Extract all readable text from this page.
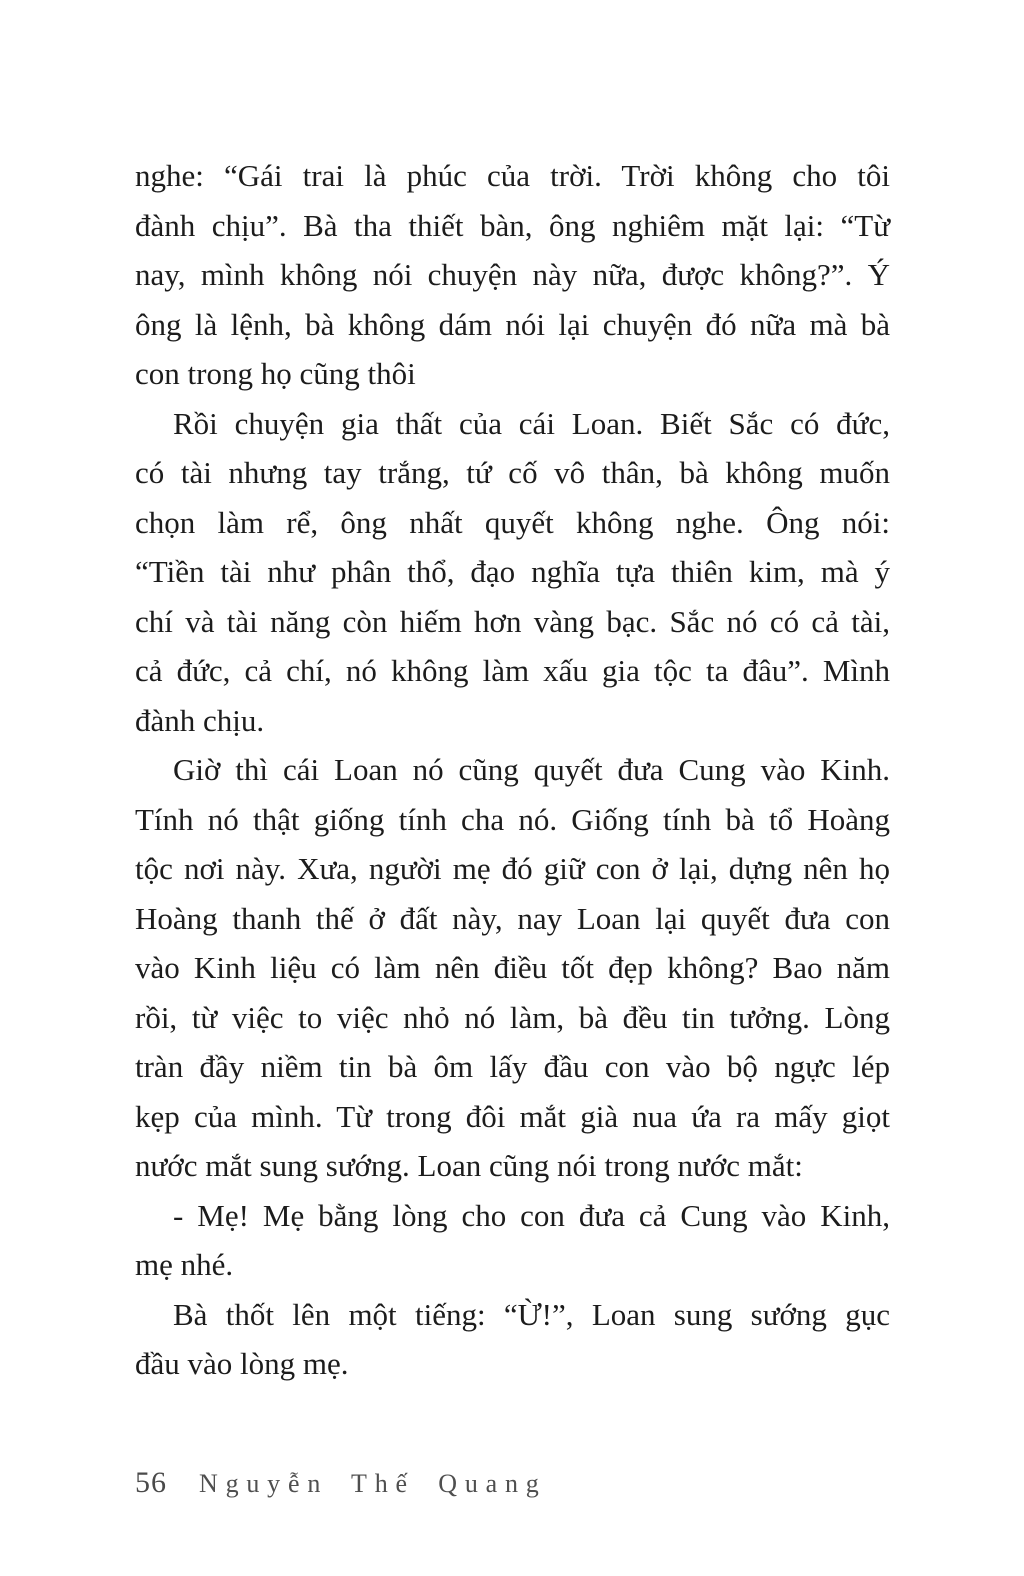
nghe: “Gái trai là phúc của trời. Trời không cho tôi
đành chịu”. Bà tha thiết bàn, ông nghiêm mặt lại: “Từ
nay, mình không nói chuyện này nữa, được không?”. Ý
ông là lệnh, bà không dám nói lại chuyện đó nữa mà bà
con trong họ cũng thôi
Rồi chuyện gia thất của cái Loan. Biết Sắc có đức,
có tài nhưng tay trắng, tứ cố vô thân, bà không muốn
chọn làm rể, ông nhất quyết không nghe. Ông nói:
“Tiền tài như phân thổ, đạo nghĩa tựa thiên kim, mà ý
chí và tài năng còn hiếm hơn vàng bạc. Sắc nó có cả tài,
cả đức, cả chí, nó không làm xấu gia tộc ta đâu”. Mình
đành chịu.
Giờ thì cái Loan nó cũng quyết đưa Cung vào Kinh.
Tính nó thật giống tính cha nó. Giống tính bà tổ Hoàng
tộc nơi này. Xưa, người mẹ đó giữ con ở lại, dựng nên họ
Hoàng thanh thế ở đất này, nay Loan lại quyết đưa con
vào Kinh liệu có làm nên điều tốt đẹp không? Bao năm
rồi, từ việc to việc nhỏ nó làm, bà đều tin tưởng. Lòng
tràn đầy niềm tin bà ôm lấy đầu con vào bộ ngực lép
kẹp của mình. Từ trong đôi mắt già nua ứa ra mấy giọt
nước mắt sung sướng. Loan cũng nói trong nước mắt:
- Mẹ! Mẹ bằng lòng cho con đưa cả Cung vào Kinh,
mẹ nhé.
Bà thốt lên một tiếng: “Ừ!”, Loan sung sướng gục
đầu vào lòng mẹ.
56 Nguyễn Thế Quang
